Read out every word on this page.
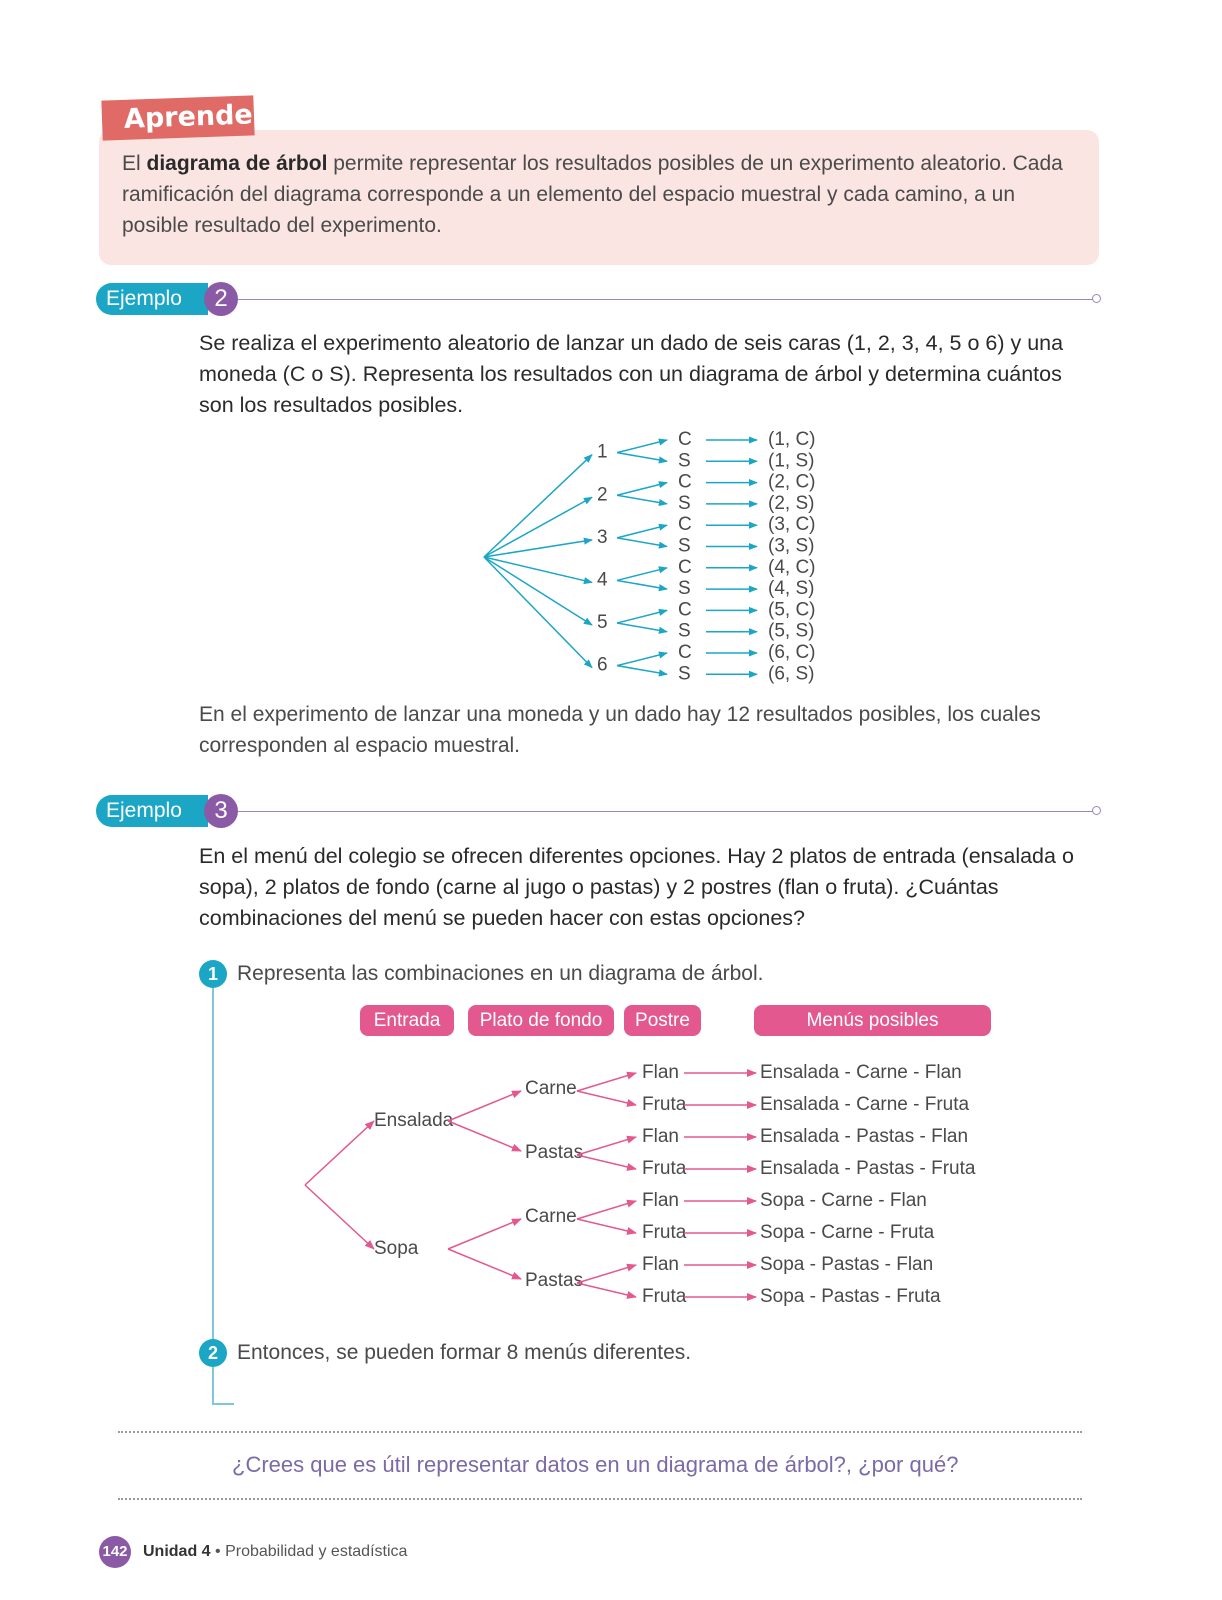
Aprende
El diagrama de árbol permite representar los resultados posibles de un experimento aleatorio. Cada ramificación del diagrama corresponde a un elemento del espacio muestral y cada camino, a un posible resultado del experimento.
Ejemplo	2
Se realiza el experimento aleatorio de lanzar un dado de seis caras (1, 2, 3, 4, 5 o 6) y una moneda (C o S). Representa los resultados con un diagrama de árbol y determina cuántos son los resultados posibles.
1
2
3
4
5
6
C	(1, C)
S	(1, S)
C	(2, C)
S	(2, S)
C	(3, C)
S	(3, S)
C	(4, C)
S	(4, S)
C	(5, C)
S	(5, S)
C	(6, C)
S	(6, S)
Entrada Plato de fondo Postre	Menús posibles
Ensalada
Sopa
Carne
Pastas
Carne
Pastas
Flan	Ensalada - Carne - Flan
Fruta	Ensalada - Carne - Fruta
Flan	Ensalada - Pastas - Flan
Fruta	Ensalada - Pastas - Fruta
Flan	Sopa - Carne - Flan
Fruta	Sopa - Carne - Fruta
Flan	Sopa - Pastas - Flan
Fruta	Sopa - Pastas - Fruta
En el experimento de lanzar una moneda y un dado hay 12 resultados posibles, los cuales corresponden al espacio muestral.
Ejemplo	3
En el menú del colegio se ofrecen diferentes opciones. Hay 2 platos de entrada (ensalada o sopa), 2 platos de fondo (carne al jugo o pastas) y 2 postres (flan o fruta). ¿Cuántas combinaciones del menú se pueden hacer con estas opciones?
1 Representa las combinaciones en un diagrama de árbol.
2 Entonces, se pueden formar 8 menús diferentes.
¿Crees que es útil representar datos en un diagrama de árbol?, ¿por qué?
142 Unidad 4 • Probabilidad y estadística
